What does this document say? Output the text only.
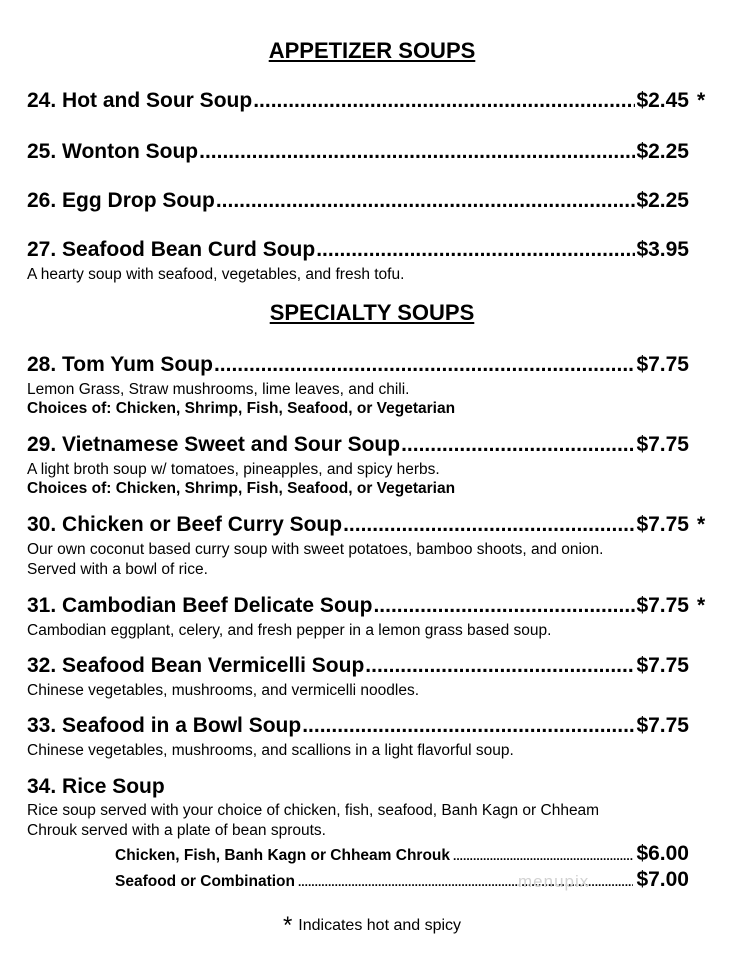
APPETIZER SOUPS
24. Hot and Sour Soup .....	$2.45 *
25. Wonton Soup .....	$2.25
26. Egg Drop Soup .....	$2.25
27. Seafood Bean Curd Soup .....	$3.95
A hearty soup with seafood, vegetables, and fresh tofu.
SPECIALTY SOUPS
28. Tom Yum Soup .....	$7.75
Lemon Grass, Straw mushrooms, lime leaves, and chili.
Choices of: Chicken, Shrimp, Fish, Seafood, or Vegetarian
29. Vietnamese Sweet and Sour Soup .....	$7.75
A light broth soup w/ tomatoes, pineapples, and spicy herbs.
Choices of: Chicken, Shrimp, Fish, Seafood, or Vegetarian
30. Chicken or Beef Curry Soup .....	$7.75 *
Our own coconut based curry soup with sweet potatoes, bamboo shoots, and onion.
Served with a bowl of rice.
31. Cambodian Beef Delicate Soup .....	$7.75 *
Cambodian eggplant, celery, and fresh pepper in a lemon grass based soup.
32. Seafood Bean Vermicelli Soup .....	$7.75
Chinese vegetables, mushrooms, and vermicelli noodles.
33. Seafood in a Bowl Soup .....	$7.75
Chinese vegetables, mushrooms, and scallions in a light flavorful soup.
34. Rice Soup
Rice soup served with your choice of chicken, fish, seafood, Banh Kagn or Chheam
Chrouk served with a plate of bean sprouts.
Chicken, Fish, Banh Kagn or Chheam Chrouk .....	$6.00
Seafood or Combination .....	$7.00
menupix
* Indicates hot and spicy
